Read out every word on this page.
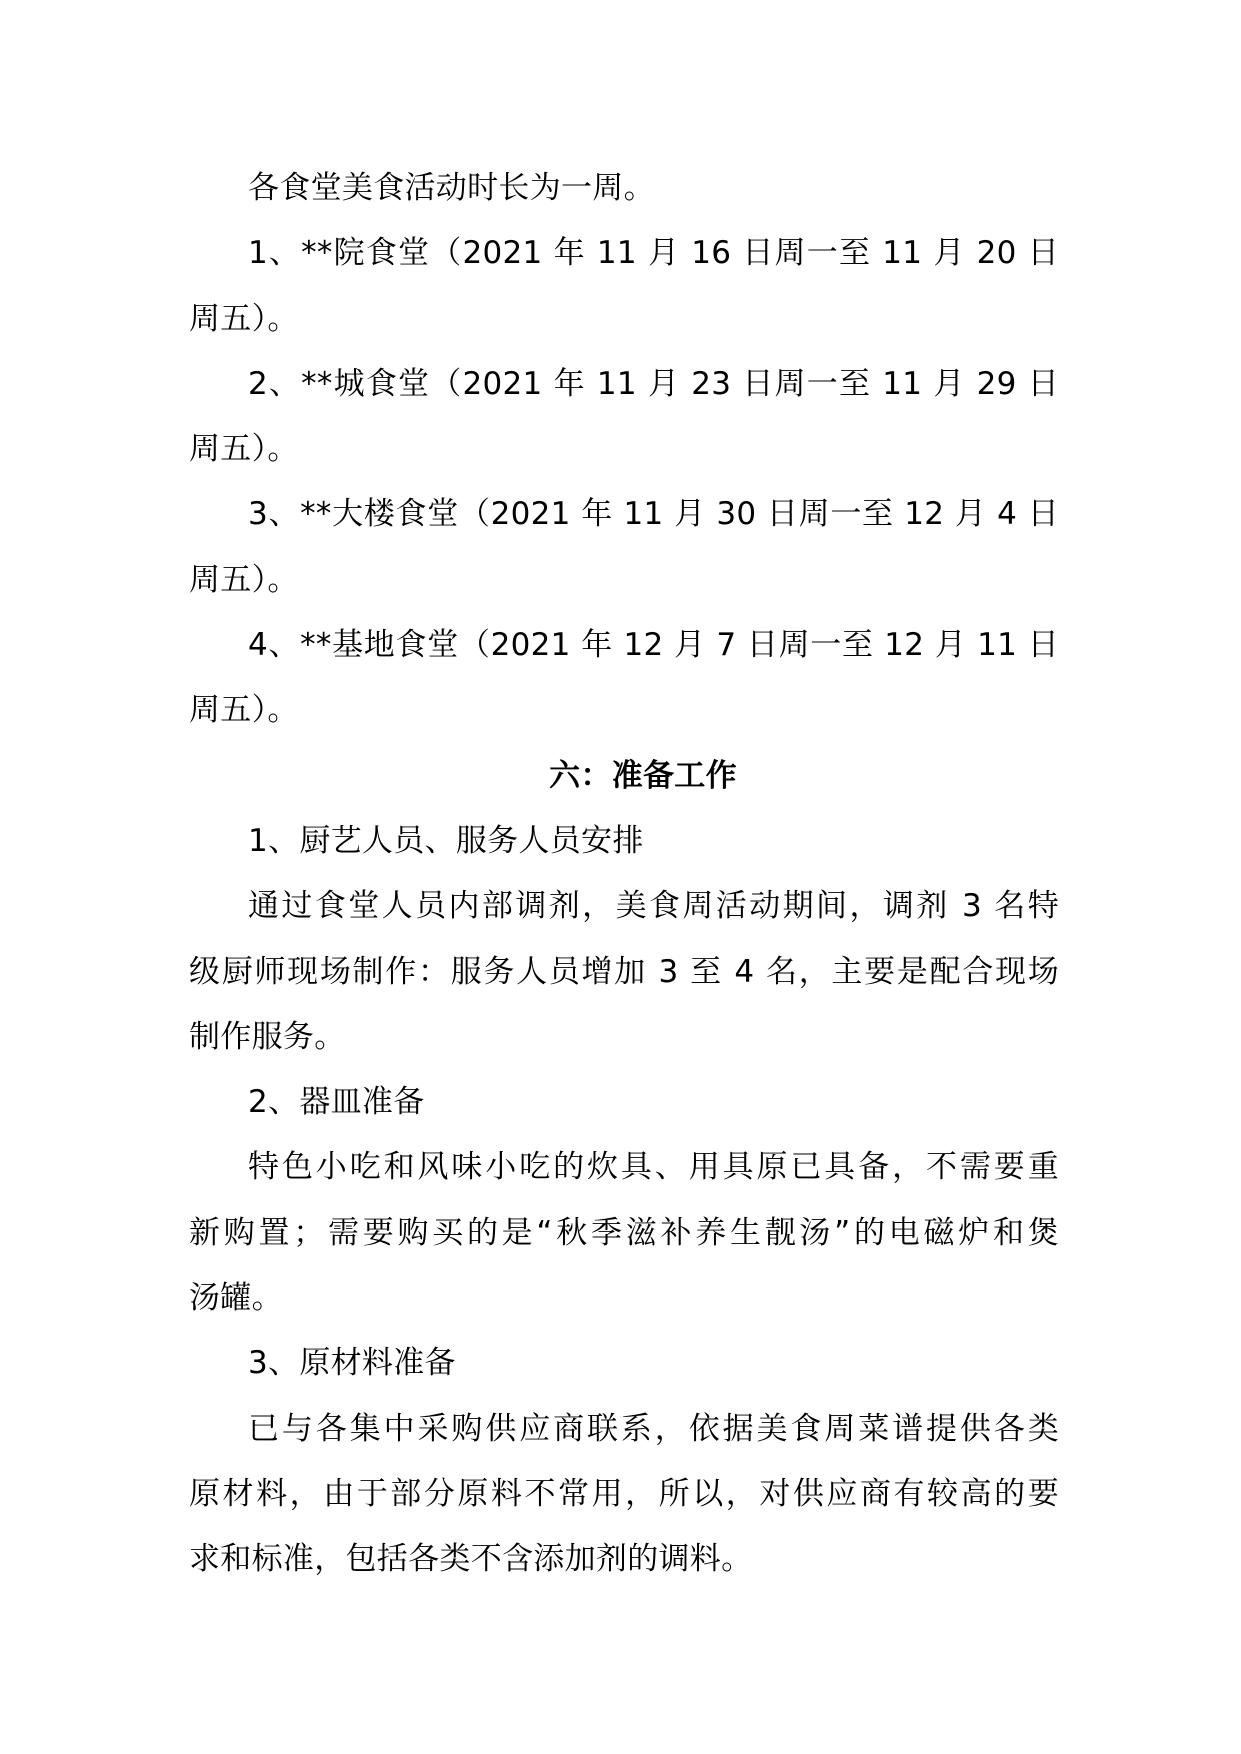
各食堂美食活动时长为一周。
1、**院食堂（2021 年 11 月 16 日周一至 11 月 20 日
周五）。
2、**城食堂（2021 年 11 月 23 日周一至 11 月 29 日
周五）。
3、**大楼食堂（2021 年 11 月 30 日周一至 12 月 4 日
周五）。
4、**基地食堂（2021 年 12 月 7 日周一至 12 月 11 日
周五）。
六：准备工作
1、厨艺人员、服务人员安排
通过食堂人员内部调剂，美食周活动期间，调剂 3 名特
级厨师现场制作：服务人员增加 3 至 4 名，主要是配合现场
制作服务。
2、器皿准备
特色小吃和风味小吃的炊具、用具原已具备，不需要重
新购置；需要购买的是“秋季滋补养生靓汤”的电磁炉和煲
汤罐。
3、原材料准备
已与各集中采购供应商联系，依据美食周菜谱提供各类
原材料，由于部分原料不常用，所以，对供应商有较高的要
求和标准，包括各类不含添加剂的调料。
